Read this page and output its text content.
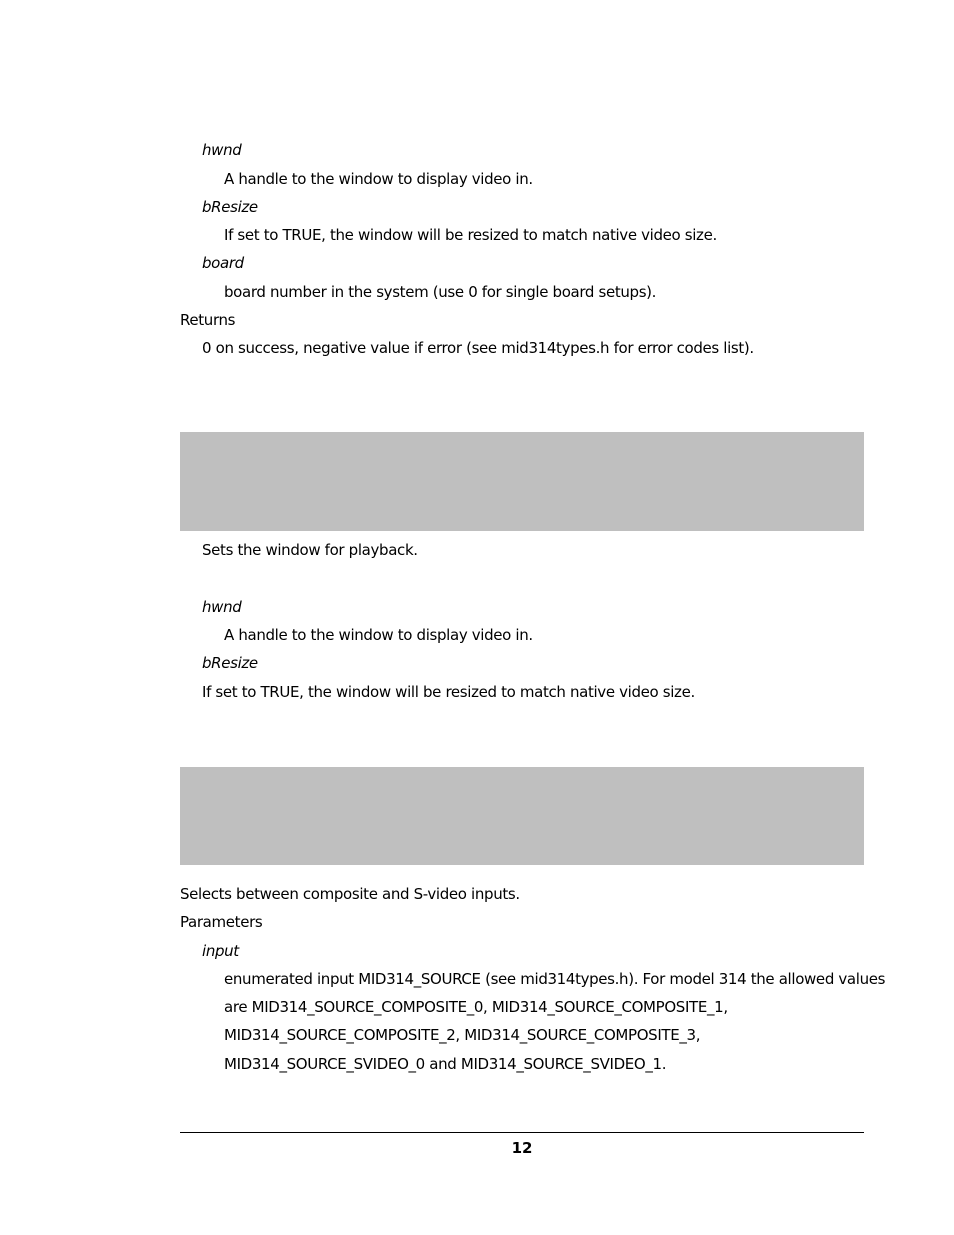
hwnd
A handle to the window to display video in.
bResize
If set to TRUE, the window will be resized to match native video size.
board
board number in the system (use 0 for single board setups).
Returns
0 on success, negative value if error (see mid314types.h for error codes list).
Sets the window for playback.
hwnd
A handle to the window to display video in.
bResize
If set to TRUE, the window will be resized to match native video size.
Selects between composite and S-video inputs.
Parameters
input
enumerated input MID314_SOURCE (see mid314types.h). For model 314 the allowed values
are MID314_SOURCE_COMPOSITE_0, MID314_SOURCE_COMPOSITE_1,
MID314_SOURCE_COMPOSITE_2, MID314_SOURCE_COMPOSITE_3,
MID314_SOURCE_SVIDEO_0 and MID314_SOURCE_SVIDEO_1.
12
